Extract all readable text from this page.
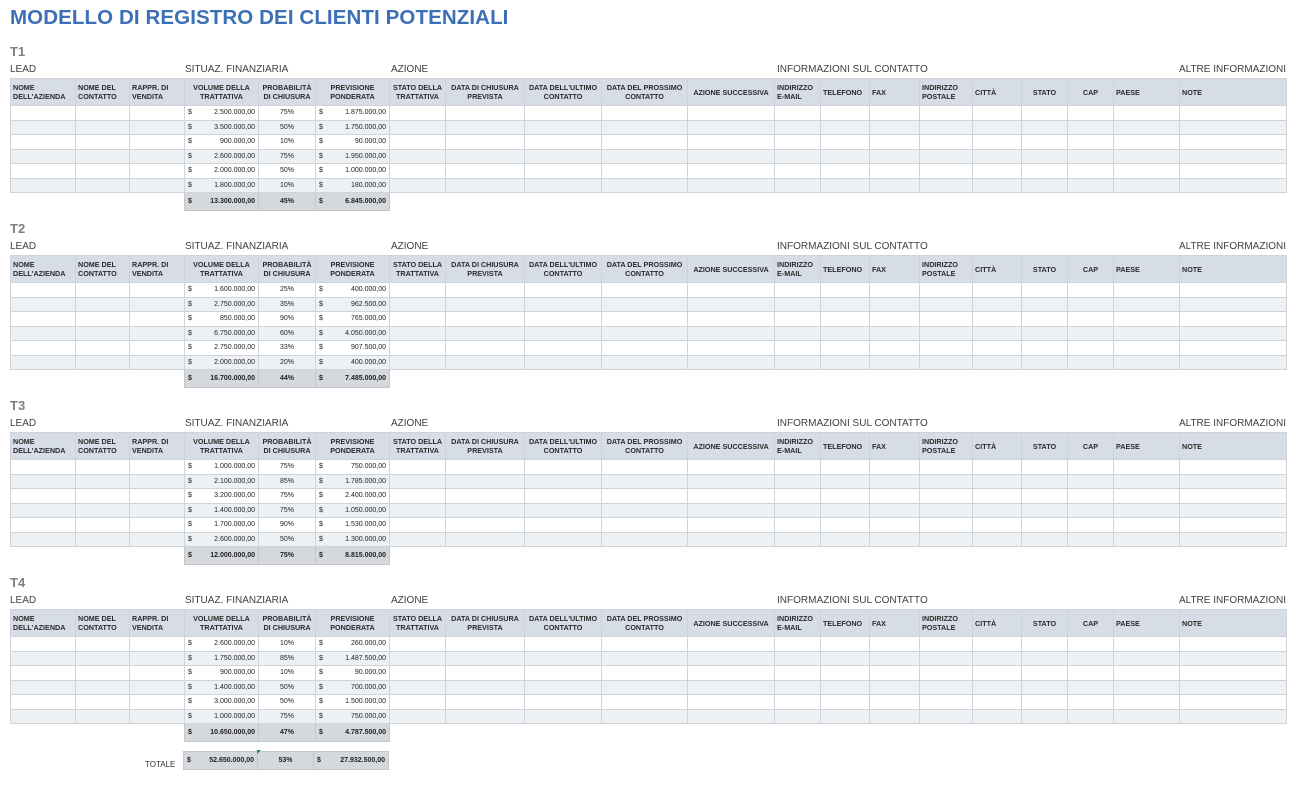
MODELLO DI REGISTRO DEI CLIENTI POTENZIALI
T1
LEAD	SITUAZ. FINANZIARIA	AZIONE	INFORMAZIONI SUL CONTATTO	ALTRE INFORMAZIONI
NOME DELL'AZIENDA	NOME DEL CONTATTO	RAPPR. DI VENDITA	VOLUME DELLA TRATTATIVA	PROBABILITÀ DI CHIUSURA	PREVISIONE PONDERATA	STATO DELLA TRATTATIVA	DATA DI CHIUSURA PREVISTA	DATA DELL'ULTIMO CONTATTO	DATA DEL PROSSIMO CONTATTO	AZIONE SUCCESSIVA	INDIRIZZO E-MAIL	TELEFONO	FAX	INDIRIZZO POSTALE	CITTÀ	STATO	CAP	PAESE	NOTE

			$ 2.500.000,00	75%	$ 1.875.000,00														

			$ 3.500.000,00	50%	$ 1.750.000,00														

			$ 900.000,00	10%	$ 90.000,00														

			$ 2.600.000,00	75%	$ 1.950.000,00														

			$ 2.000.000,00	50%	$ 1.000.000,00														

			$ 1.800.000,00	10%	$ 180.000,00														

			$ 13.300.000,00	45%	$ 6.845.000,00														

T2
LEAD	SITUAZ. FINANZIARIA	AZIONE	INFORMAZIONI SUL CONTATTO	ALTRE INFORMAZIONI
NOME DELL'AZIENDA	NOME DEL CONTATTO	RAPPR. DI VENDITA	VOLUME DELLA TRATTATIVA	PROBABILITÀ DI CHIUSURA	PREVISIONE PONDERATA	STATO DELLA TRATTATIVA	DATA DI CHIUSURA PREVISTA	DATA DELL'ULTIMO CONTATTO	DATA DEL PROSSIMO CONTATTO	AZIONE SUCCESSIVA	INDIRIZZO E-MAIL	TELEFONO	FAX	INDIRIZZO POSTALE	CITTÀ	STATO	CAP	PAESE	NOTE

			$ 1.600.000,00	25%	$ 400.000,00														

			$ 2.750.000,00	35%	$ 962.500,00														

			$ 850.000,00	90%	$ 765.000,00														

			$ 6.750.000,00	60%	$ 4.050.000,00														

			$ 2.750.000,00	33%	$ 907.500,00														

			$ 2.000.000,00	20%	$ 400.000,00														

			$ 16.700.000,00	44%	$ 7.485.000,00														

T3
LEAD	SITUAZ. FINANZIARIA	AZIONE	INFORMAZIONI SUL CONTATTO	ALTRE INFORMAZIONI
NOME DELL'AZIENDA	NOME DEL CONTATTO	RAPPR. DI VENDITA	VOLUME DELLA TRATTATIVA	PROBABILITÀ DI CHIUSURA	PREVISIONE PONDERATA	STATO DELLA TRATTATIVA	DATA DI CHIUSURA PREVISTA	DATA DELL'ULTIMO CONTATTO	DATA DEL PROSSIMO CONTATTO	AZIONE SUCCESSIVA	INDIRIZZO E-MAIL	TELEFONO	FAX	INDIRIZZO POSTALE	CITTÀ	STATO	CAP	PAESE	NOTE

			$ 1.000.000,00	75%	$ 750.000,00														

			$ 2.100.000,00	85%	$ 1.785.000,00														

			$ 3.200.000,00	75%	$ 2.400.000,00														

			$ 1.400.000,00	75%	$ 1.050.000,00														

			$ 1.700.000,00	90%	$ 1.530.000,00														

			$ 2.600.000,00	50%	$ 1.300.000,00														

			$ 12.000.000,00	75%	$ 8.815.000,00														

T4
LEAD	SITUAZ. FINANZIARIA	AZIONE	INFORMAZIONI SUL CONTATTO	ALTRE INFORMAZIONI
NOME DELL'AZIENDA	NOME DEL CONTATTO	RAPPR. DI VENDITA	VOLUME DELLA TRATTATIVA	PROBABILITÀ DI CHIUSURA	PREVISIONE PONDERATA	STATO DELLA TRATTATIVA	DATA DI CHIUSURA PREVISTA	DATA DELL'ULTIMO CONTATTO	DATA DEL PROSSIMO CONTATTO	AZIONE SUCCESSIVA	INDIRIZZO E-MAIL	TELEFONO	FAX	INDIRIZZO POSTALE	CITTÀ	STATO	CAP	PAESE	NOTE

			$ 2.600.000,00	10%	$ 260.000,00														

			$ 1.750.000,00	85%	$ 1.487.500,00														

			$ 900.000,00	10%	$ 90.000,00														

			$ 1.400.000,00	50%	$ 700.000,00														

			$ 3.000.000,00	50%	$ 1.500.000,00														

			$ 1.000.000,00	75%	$ 750.000,00														

			$ 10.650.000,00	47%	$ 4.787.500,00														

TOTALE $	52.650.000,00	53%	$	27.932.500,00
